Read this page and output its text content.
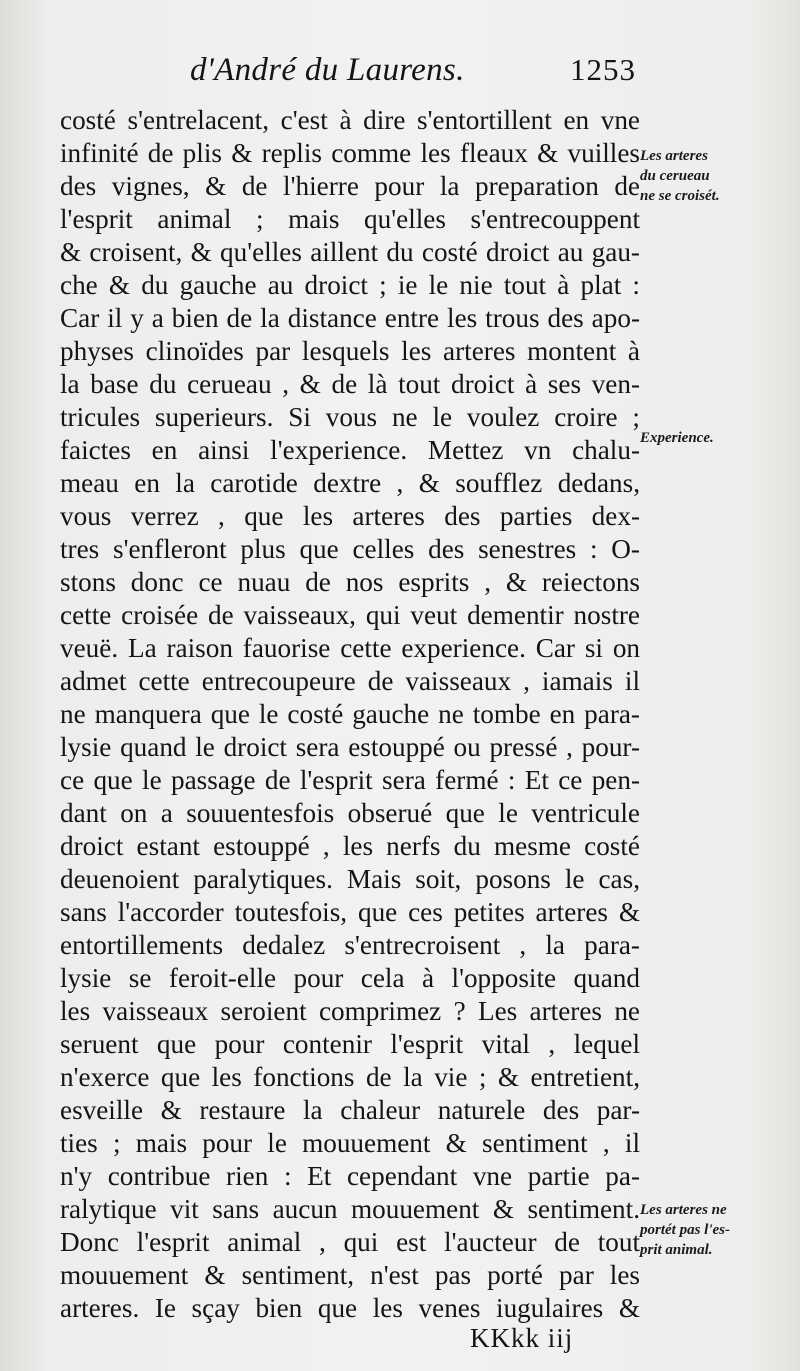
d'André du Laurens.	1253
costé s'entrelacent, c'est à dire s'entortillent en vne
infinité de plis & replis comme les fleaux & vuilles
des vignes, & de l'hierre pour la preparation de
l'esprit animal ; mais qu'elles s'entrecouppent
& croisent, & qu'elles aillent du costé droict au gau-
che & du gauche au droict ; ie le nie tout à plat :
Car il y a bien de la distance entre les trous des apo-
physes clinoïdes par lesquels les arteres montent à
la base du cerueau , & de là tout droict à ses ven-
tricules superieurs. Si vous ne le voulez croire ;
faictes en ainsi l'experience. Mettez vn chalu-
meau en la carotide dextre , & soufflez dedans,
vous verrez , que les arteres des parties dex-
tres s'enfleront plus que celles des senestres : O-
stons donc ce nuau de nos esprits , & reiectons
cette croisée de vaisseaux, qui veut dementir nostre
veuë. La raison fauorise cette experience. Car si on
admet cette entrecoupeure de vaisseaux , iamais il
ne manquera que le costé gauche ne tombe en para-
lysie quand le droict sera estouppé ou pressé , pour-
ce que le passage de l'esprit sera fermé : Et ce pen-
dant on a souuentesfois obserué que le ventricule
droict estant estouppé , les nerfs du mesme costé
deuenoient paralytiques. Mais soit, posons le cas,
sans l'accorder toutesfois, que ces petites arteres &
entortillements dedalez s'entrecroisent , la para-
lysie se feroit-elle pour cela à l'opposite quand
les vaisseaux seroient comprimez ? Les arteres ne
seruent que pour contenir l'esprit vital , lequel
n'exerce que les fonctions de la vie ; & entretient,
esveille & restaure la chaleur naturele des par-
ties ; mais pour le mouuement & sentiment , il
n'y contribue rien : Et cependant vne partie pa-
ralytique vit sans aucun mouuement & sentiment.
Donc l'esprit animal , qui est l'aucteur de tout
mouuement & sentiment, n'est pas porté par les
arteres. Ie sçay bien que les venes iugulaires &
Les arteres
du cerueau
ne se croisét.
Experience.
Les arteres ne
portét pas l'es-
prit animal.
KKkk iij
